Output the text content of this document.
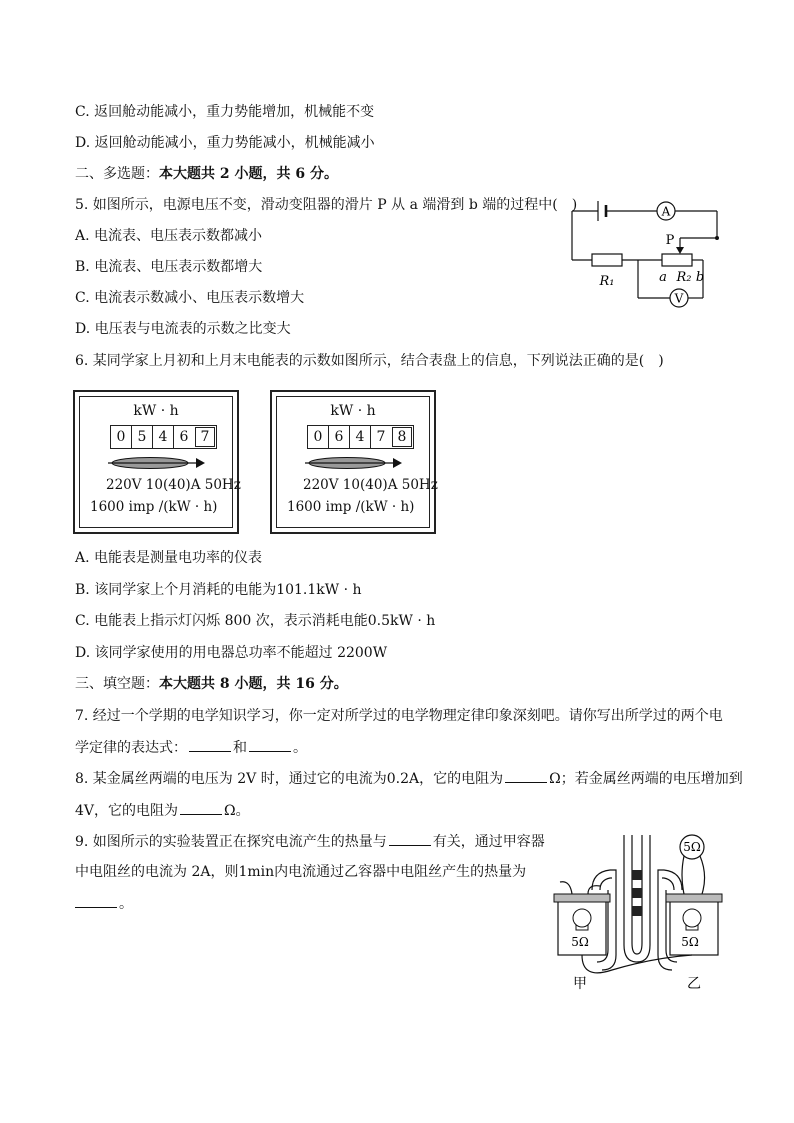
C. 返回舱动能减小，重力势能增加，机械能不变
D. 返回舱动能减小，重力势能减小，机械能减小
二、多选题：本大题共 2 小题，共 6 分。
5. 如图所示，电源电压不变，滑动变阻器的滑片 P 从 a 端滑到 b 端的过程中(　)
A. 电流表、电压表示数都减小
B. 电流表、电压表示数都增大
C. 电流表示数减小、电压表示数增大
D. 电压表与电流表的示数之比变大
A
R₁
P
a R₂ b
V
6. 某同学家上月初和上月末电能表的示数如图所示，结合表盘上的信息，下列说法正确的是(　)
kW · h
0 5 4 6 7
220V 10(40)A 50Hz
1600 imp /(kW · h)
kW · h
0 6 4 7 8
220V 10(40)A 50Hz
1600 imp /(kW · h)
A. 电能表是测量电功率的仪表
B. 该同学家上个月消耗的电能为101.1kW · h
C. 电能表上指示灯闪烁 800 次，表示消耗电能0.5kW · h
D. 该同学家使用的用电器总功率不能超过 2200W
三、填空题：本大题共 8 小题，共 16 分。
7. 经过一个学期的电学知识学习，你一定对所学过的电学物理定律印象深刻吧。请你写出所学过的两个电
学定律的表达式：	和	。
8. 某金属丝两端的电压为 2V 时，通过它的电流为0.2A，它的电阻为	Ω；若金属丝两端的电压增加到
4V，它的电阻为	Ω。
9. 如图所示的实验装置正在探究电流产生的热量与	有关，通过甲容器
中电阻丝的电流为 2A，则1min内电流通过乙容器中电阻丝产生的热量为
。
5Ω	5Ω
5Ω
甲	乙
